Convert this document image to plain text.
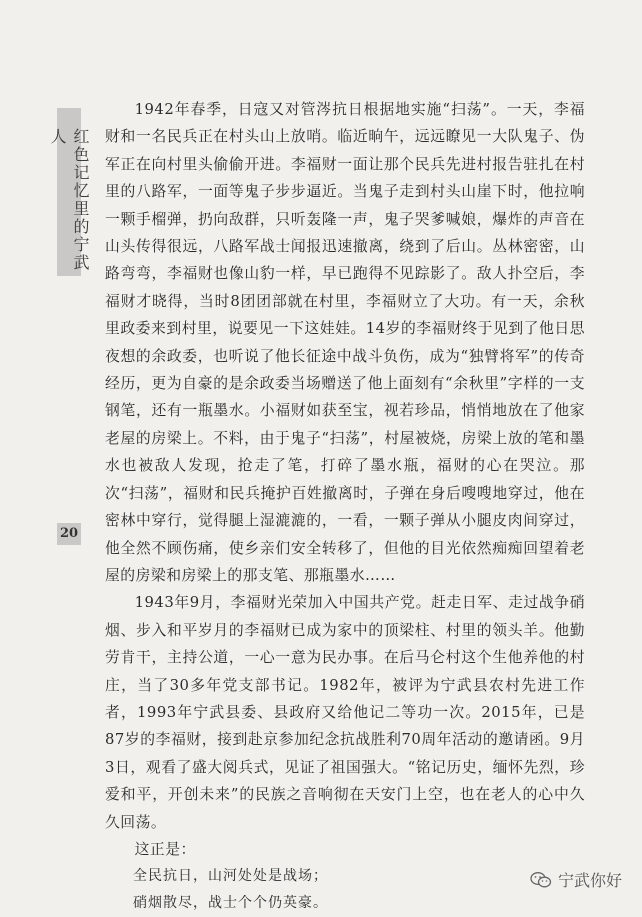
红色记忆里的宁武人
20

1942年春季，日寇又对管涔抗日根据地实施“扫荡”。一天，李福财和一名民兵正在村头山上放哨。临近晌午，远远瞭见一大队鬼子、伪军正在向村里头偷偷开进。李福财一面让那个民兵先进村报告驻扎在村里的八路军，一面等鬼子步步逼近。当鬼子走到村头山崖下时，他拉响一颗手榴弹，扔向敌群，只听轰隆一声，鬼子哭爹喊娘，爆炸的声音在山头传得很远，八路军战士闻报迅速撤离，绕到了后山。丛林密密，山路弯弯，李福财也像山豹一样，早已跑得不见踪影了。敌人扑空后，李福财才晓得，当时8团团部就在村里，李福财立了大功。有一天，余秋里政委来到村里，说要见一下这娃娃。14岁的李福财终于见到了他日思夜想的余政委，也听说了他长征途中战斗负伤，成为“独臂将军”的传奇经历，更为自豪的是余政委当场赠送了他上面刻有“余秋里”字样的一支钢笔，还有一瓶墨水。小福财如获至宝，视若珍品，悄悄地放在了他家老屋的房梁上。不料，由于鬼子“扫荡”，村屋被烧，房梁上放的笔和墨水也被敌人发现，抢走了笔，打碎了墨水瓶，福财的心在哭泣。那次“扫荡”，福财和民兵掩护百姓撤离时，子弹在身后嗖嗖地穿过，他在密林中穿行，觉得腿上湿漉漉的，一看，一颗子弹从小腿皮肉间穿过，他全然不顾伤痛，使乡亲们安全转移了，但他的目光依然痴痴回望着老屋的房梁和房梁上的那支笔、那瓶墨水……

1943年9月，李福财光荣加入中国共产党。赶走日军、走过战争硝烟、步入和平岁月的李福财已成为家中的顶梁柱、村里的领头羊。他勤劳肯干，主持公道，一心一意为民办事。在后马仑村这个生他养他的村庄，当了30多年党支部书记。1982年，被评为宁武县农村先进工作者，1993年宁武县委、县政府又给他记二等功一次。2015年，已是87岁的李福财，接到赴京参加纪念抗战胜利70周年活动的邀请函。9月3日，观看了盛大阅兵式，见证了祖国强大。“铭记历史，缅怀先烈，珍爱和平，开创未来”的民族之音响彻在天安门上空，也在老人的心中久久回荡。

这正是：

全民抗日，山河处处是战场；

硝烟散尽，战士个个仍英豪。

宁武你好
